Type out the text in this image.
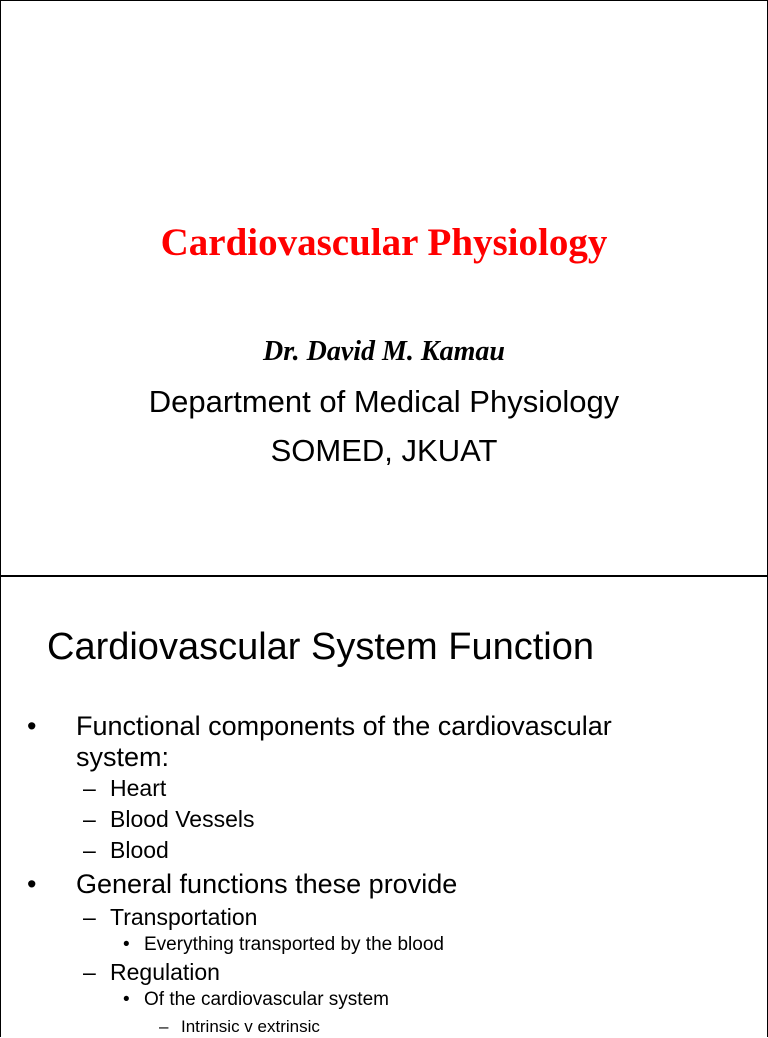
Cardiovascular Physiology
Dr. David M. Kamau
Department of Medical Physiology
SOMED, JKUAT
Cardiovascular System Function
• Functional components of the cardiovascular
system:
– Heart
– Blood Vessels
– Blood
• General functions these provide
– Transportation
• Everything transported by the blood
– Regulation
• Of the cardiovascular system
– Intrinsic v extrinsic
